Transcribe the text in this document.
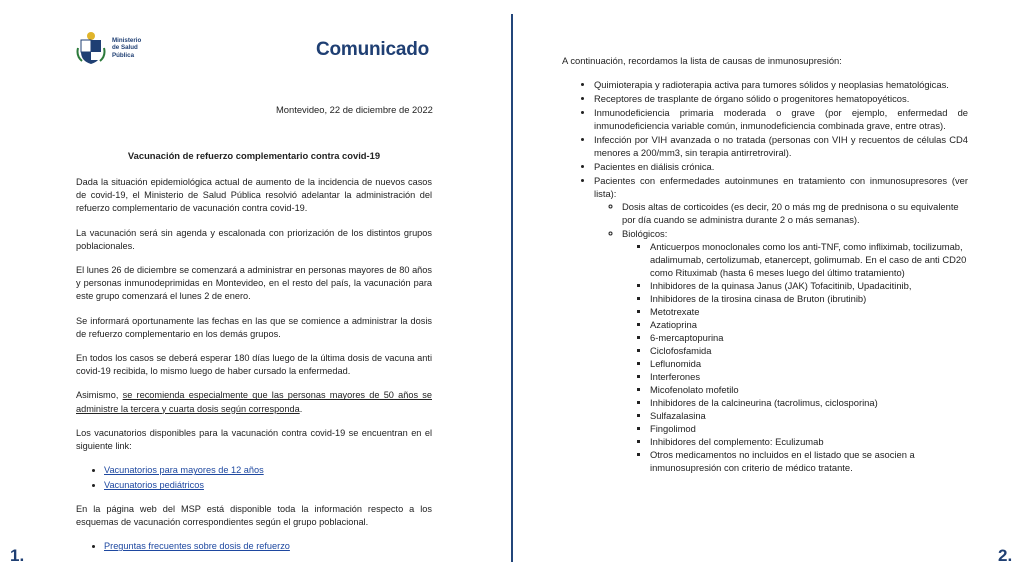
Ministerio
de Salud
Pública	Comunicado
Montevideo, 22 de diciembre de 2022
Vacunación de refuerzo complementario contra covid-19

Dada la situación epidemiológica actual de aumento de la incidencia de nuevos casos de covid-19, el Ministerio de Salud Pública resolvió adelantar la administración del refuerzo complementario de vacunación contra covid-19.

La vacunación será sin agenda y escalonada con priorización de los distintos grupos poblacionales.

El lunes 26 de diciembre se comenzará a administrar en personas mayores de 80 años y personas inmunodeprimidas en Montevideo, en el resto del país, la vacunación para este grupo comenzará el lunes 2 de enero.

Se informará oportunamente las fechas en las que se comience a administrar la dosis de refuerzo complementario en los demás grupos.

En todos los casos se deberá esperar 180 días luego de la última dosis de vacuna anti covid-19 recibida, lo mismo luego de haber cursado la enfermedad.

Asimismo, se recomienda especialmente que las personas mayores de 50 años se administre la tercera y cuarta dosis según corresponda.

Los vacunatorios disponibles para la vacunación contra covid-19 se encuentran en el siguiente link:

• Vacunatorios para mayores de 12 años
• Vacunatorios pediátricos

En la página web del MSP está disponible toda la información respecto a los esquemas de vacunación correspondientes según el grupo poblacional.

• Preguntas frecuentes sobre dosis de refuerzo
1.
A continuación, recordamos la lista de causas de inmunosupresión:
• Quimioterapia y radioterapia activa para tumores sólidos y neoplasias hematológicas.
• Receptores de trasplante de órgano sólido o progenitores hematopoyéticos.
• Inmunodeficiencia primaria moderada o grave (por ejemplo, enfermedad de inmunodeficiencia variable común, inmunodeficiencia combinada grave, entre otras).
• Infección por VIH avanzada o no tratada (personas con VIH y recuentos de células CD4 menores a 200/mm3, sin terapia antirretroviral).
• Pacientes en diálisis crónica.
• Pacientes con enfermedades autoinmunes en tratamiento con inmunosupresores (ver lista):
◦ Dosis altas de corticoides (es decir, 20 o más mg de prednisona o su equivalente por día cuando se administra durante 2 o más semanas).
◦ Biológicos:
▪ Anticuerpos monoclonales como los anti-TNF, como infliximab, tocilizumab, adalimumab, certolizumab, etanercept, golimumab. En el caso de anti CD20 como Rituximab (hasta 6 meses luego del último tratamiento)
▪ Inhibidores de la quinasa Janus (JAK) Tofacitinib, Upadacitinib,
▪ Inhibidores de la tirosina cinasa de Bruton (ibrutinib)
▪ Metotrexate
▪ Azatioprina
▪ 6-mercaptopurina
▪ Ciclofosfamida
▪ Leflunomida
▪ Interferones
▪ Micofenolato mofetilo
▪ Inhibidores de la calcineurina (tacrolimus, ciclosporina)
▪ Sulfazalasina
▪ Fingolimod
▪ Inhibidores del complemento: Eculizumab
▪ Otros medicamentos no incluidos en el listado que se asocien a inmunosupresión con criterio de médico tratante.
2.
